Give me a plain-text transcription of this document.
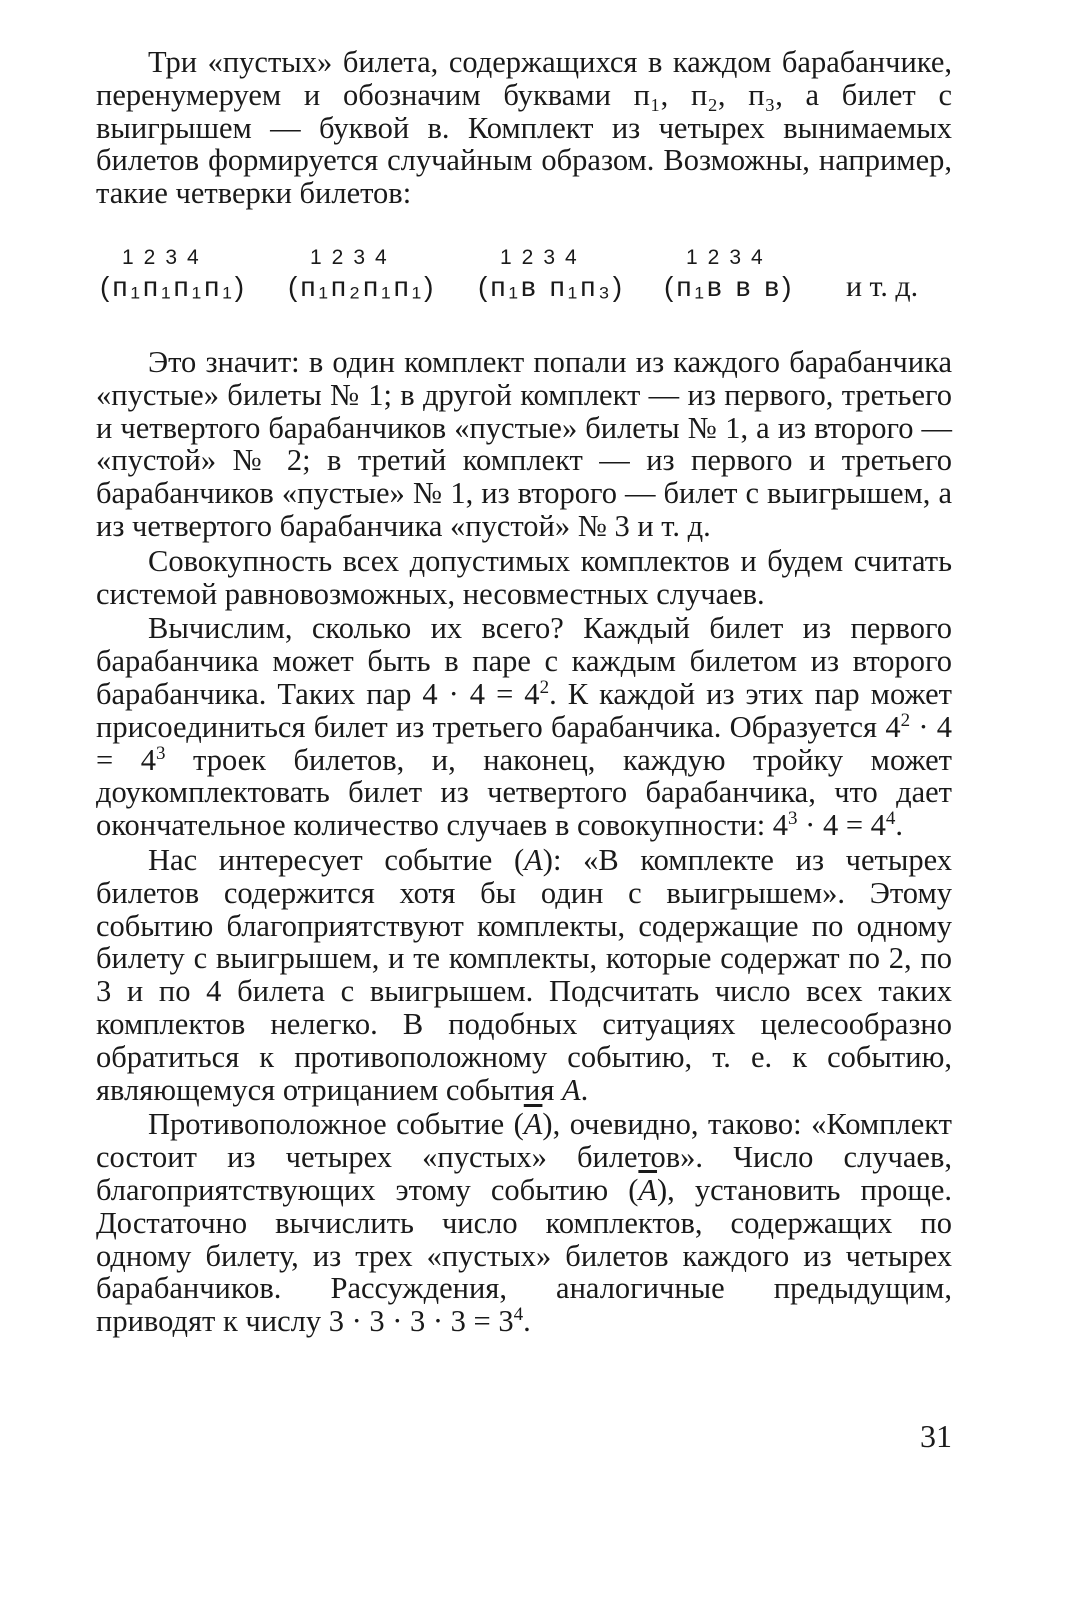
Три «пустых» билета, содержащихся в каждом барабанчике, перенумеруем и обозначим буквами п₁, п₂, п₃, а билет с выигрышем — буквой в. Комплект из четырех вынимаемых билетов формируется случайным образом. Возможны, например, такие четверки билетов:

1234
(п₁п₁п₁п₁)
1234
(п₁п₂п₁п₁)
1234
(п₁в п₁п₃)
1234
(п₁в в в) и т. д.

Это значит: в один комплект попали из каждого барабанчика «пустые» билеты № 1; в другой комплект — из первого, третьего и четвертого барабанчиков «пустые» билеты № 1, а из второго — «пустой» № 2; в третий комплект — из первого и третьего барабанчиков «пустые» № 1, из второго — билет с выигрышем, а из четвертого барабанчика «пустой» № 3 и т. д.

Совокупность всех допустимых комплектов и будем считать системой равновозможных, несовместных случаев.

Вычислим, сколько их всего? Каждый билет из первого барабанчика может быть в паре с каждым билетом из второго барабанчика. Таких пар $4 \cdot 4 = 4^2$. К каждой из этих пар может присоединиться билет из третьего барабанчика. Образуется $4^2 \cdot 4 = 4^3$ троек билетов, и, наконец, каждую тройку может доукомплектовать билет из четвертого барабанчика, что дает окончательное количество случаев в совокупности: $4^3 \cdot 4 = 4^4$.

Нас интересует событие (A): «В комплекте из четырех билетов содержится хотя бы один с выигрышем». Этому событию благоприятствуют комплекты, содержащие по одному билету с выигрышем, и те комплекты, которые содержат по 2, по 3 и по 4 билета с выигрышем. Подсчитать число всех таких комплектов нелегко. В подобных ситуациях целесообразно обратиться к противоположному событию, т. е. к событию, являющемуся отрицанием события A.

Противоположное событие $(\overline{A})$, очевидно, таково: «Комплект состоит из четырех «пустых» билетов». Число случаев, благоприятствующих этому событию $(\overline{A})$, установить проще. Достаточно вычислить число комплектов, содержащих по одному билету, из трех «пустых» билетов каждого из четырех барабанчиков. Рассуждения, аналогичные предыдущим, приводят к числу $3 \cdot 3 \cdot 3 \cdot 3 = 3^4$.

31
